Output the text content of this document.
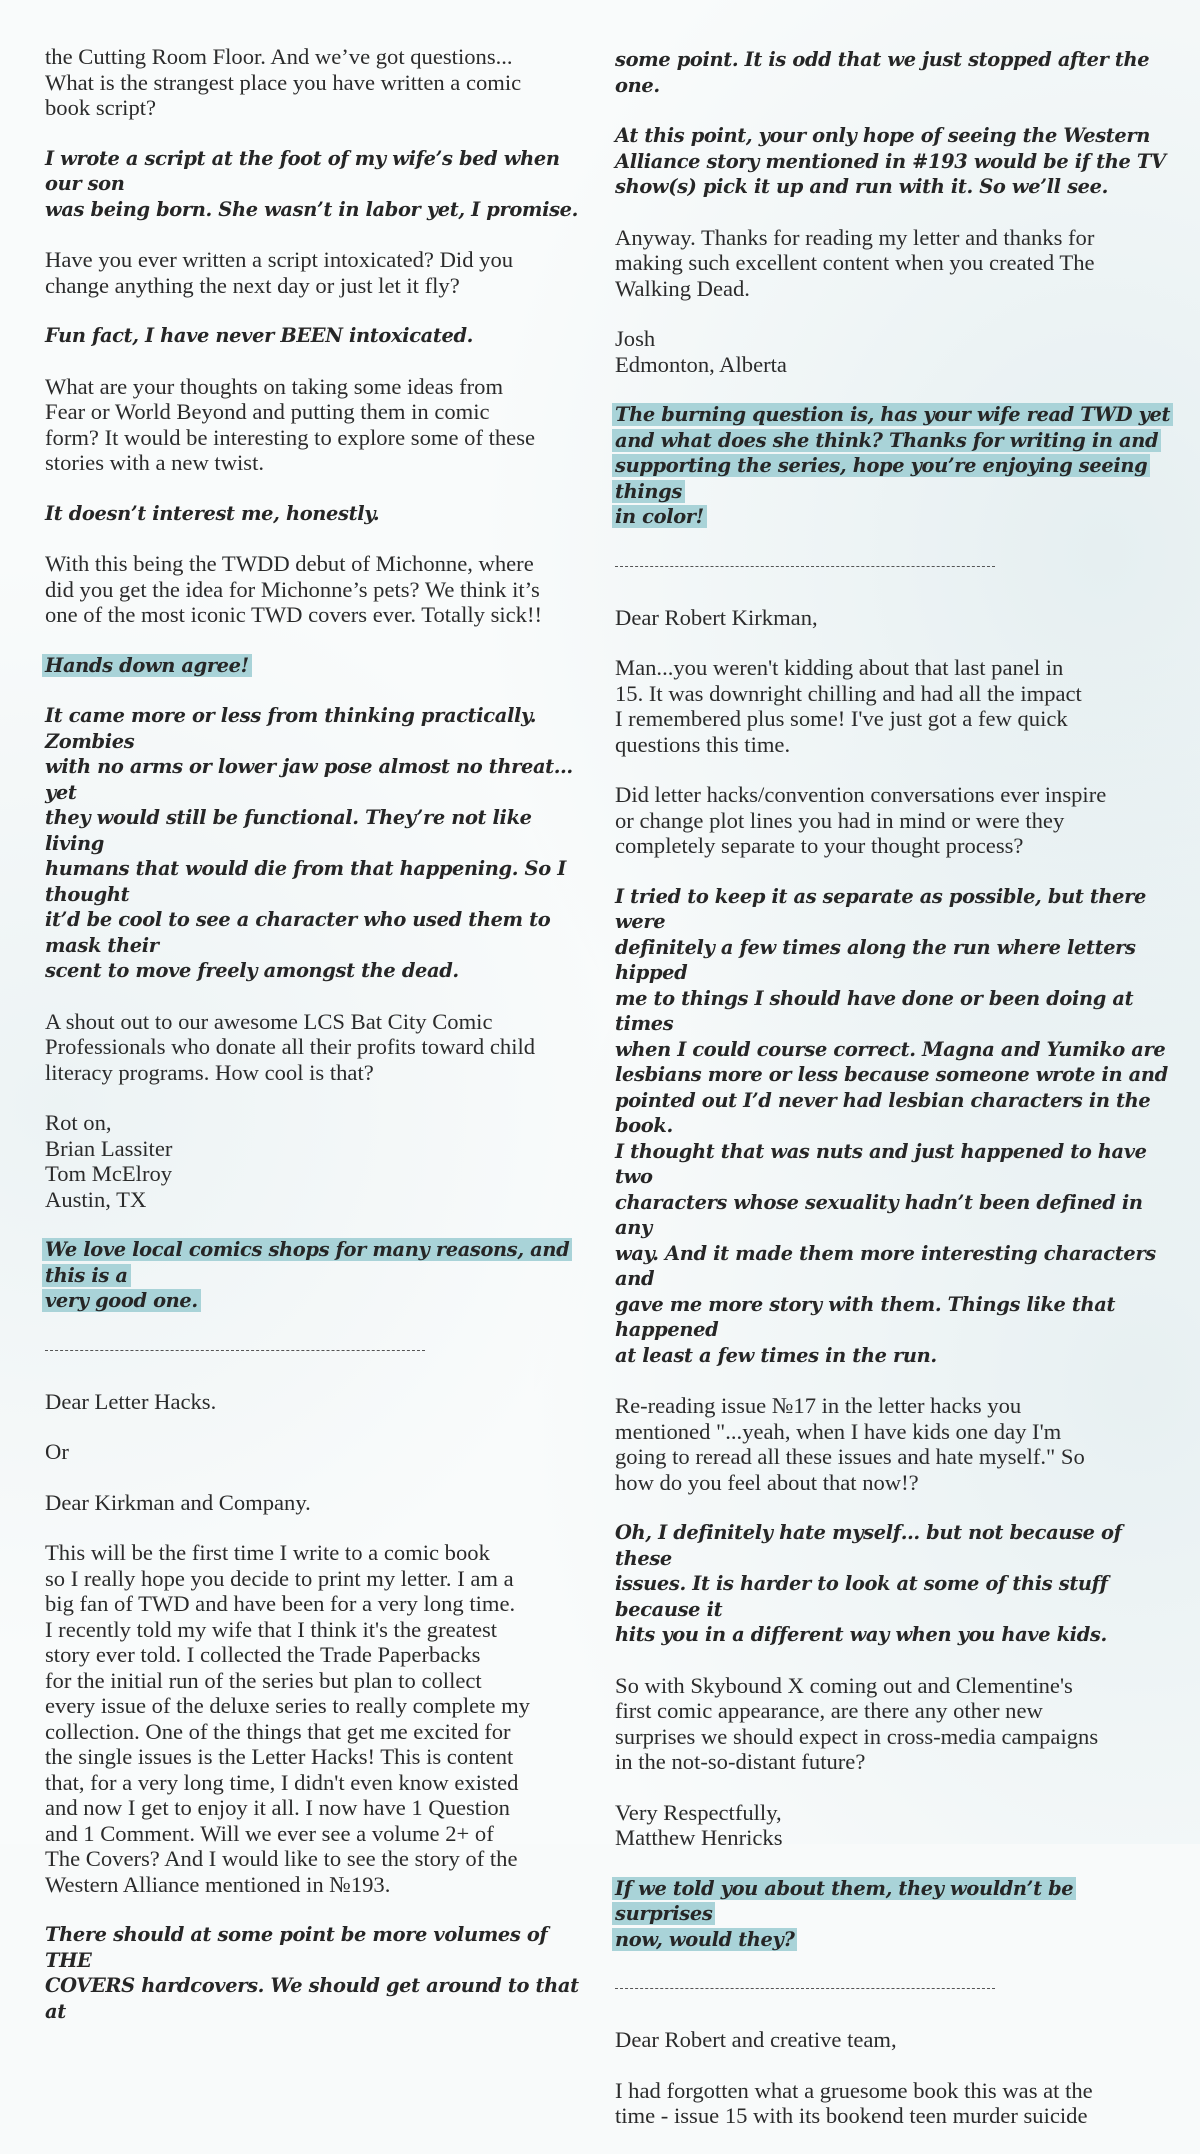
the Cutting Room Floor. And we’ve got questions...
What is the strangest place you have written a comic
book script?
I wrote a script at the foot of my wife’s bed when our son
was being born. She wasn’t in labor yet, I promise.
Have you ever written a script intoxicated? Did you
change anything the next day or just let it fly?
Fun fact, I have never BEEN intoxicated.
What are your thoughts on taking some ideas from
Fear or World Beyond and putting them in comic
form? It would be interesting to explore some of these
stories with a new twist.
It doesn’t interest me, honestly.
With this being the TWDD debut of Michonne, where
did you get the idea for Michonne’s pets? We think it’s
one of the most iconic TWD covers ever. Totally sick!!
Hands down agree!
It came more or less from thinking practically. Zombies
with no arms or lower jaw pose almost no threat… yet
they would still be functional. They’re not like living
humans that would die from that happening. So I thought
it’d be cool to see a character who used them to mask their
scent to move freely amongst the dead.
A shout out to our awesome LCS Bat City Comic
Professionals who donate all their profits toward child
literacy programs. How cool is that?
Rot on,
Brian Lassiter
Tom McElroy
Austin, TX
We love local comics shops for many reasons, and this is a
very good one.
Dear Letter Hacks.
Or
Dear Kirkman and Company.
This will be the first time I write to a comic book
so I really hope you decide to print my letter. I am a
big fan of TWD and have been for a very long time.
I recently told my wife that I think it's the greatest
story ever told. I collected the Trade Paperbacks
for the initial run of the series but plan to collect
every issue of the deluxe series to really complete my
collection. One of the things that get me excited for
the single issues is the Letter Hacks! This is content
that, for a very long time, I didn't even know existed
and now I get to enjoy it all. I now have 1 Question
and 1 Comment. Will we ever see a volume 2+ of
The Covers? And I would like to see the story of the
Western Alliance mentioned in №193.
There should at some point be more volumes of THE
COVERS hardcovers. We should get around to that at
some point. It is odd that we just stopped after the one.
At this point, your only hope of seeing the Western
Alliance story mentioned in #193 would be if the TV
show(s) pick it up and run with it. So we’ll see.
Anyway. Thanks for reading my letter and thanks for
making such excellent content when you created The
Walking Dead.
Josh
Edmonton, Alberta
The burning question is, has your wife read TWD yet
and what does she think? Thanks for writing in and
supporting the series, hope you’re enjoying seeing things
in color!
Dear Robert Kirkman,
Man...you weren't kidding about that last panel in
15. It was downright chilling and had all the impact
I remembered plus some! I've just got a few quick
questions this time.
Did letter hacks/convention conversations ever inspire
or change plot lines you had in mind or were they
completely separate to your thought process?
I tried to keep it as separate as possible, but there were
definitely a few times along the run where letters hipped
me to things I should have done or been doing at times
when I could course correct. Magna and Yumiko are
lesbians more or less because someone wrote in and
pointed out I’d never had lesbian characters in the book.
I thought that was nuts and just happened to have two
characters whose sexuality hadn’t been defined in any
way. And it made them more interesting characters and
gave me more story with them. Things like that happened
at least a few times in the run.
Re-reading issue №17 in the letter hacks you
mentioned "...yeah, when I have kids one day I'm
going to reread all these issues and hate myself." So
how do you feel about that now!?
Oh, I definitely hate myself… but not because of these
issues. It is harder to look at some of this stuff because it
hits you in a different way when you have kids.
So with Skybound X coming out and Clementine's
first comic appearance, are there any other new
surprises we should expect in cross-media campaigns
in the not-so-distant future?
Very Respectfully,
Matthew Henricks
If we told you about them, they wouldn’t be surprises
now, would they?
Dear Robert and creative team,
I had forgotten what a gruesome book this was at the
time - issue 15 with its bookend teen murder suicide
